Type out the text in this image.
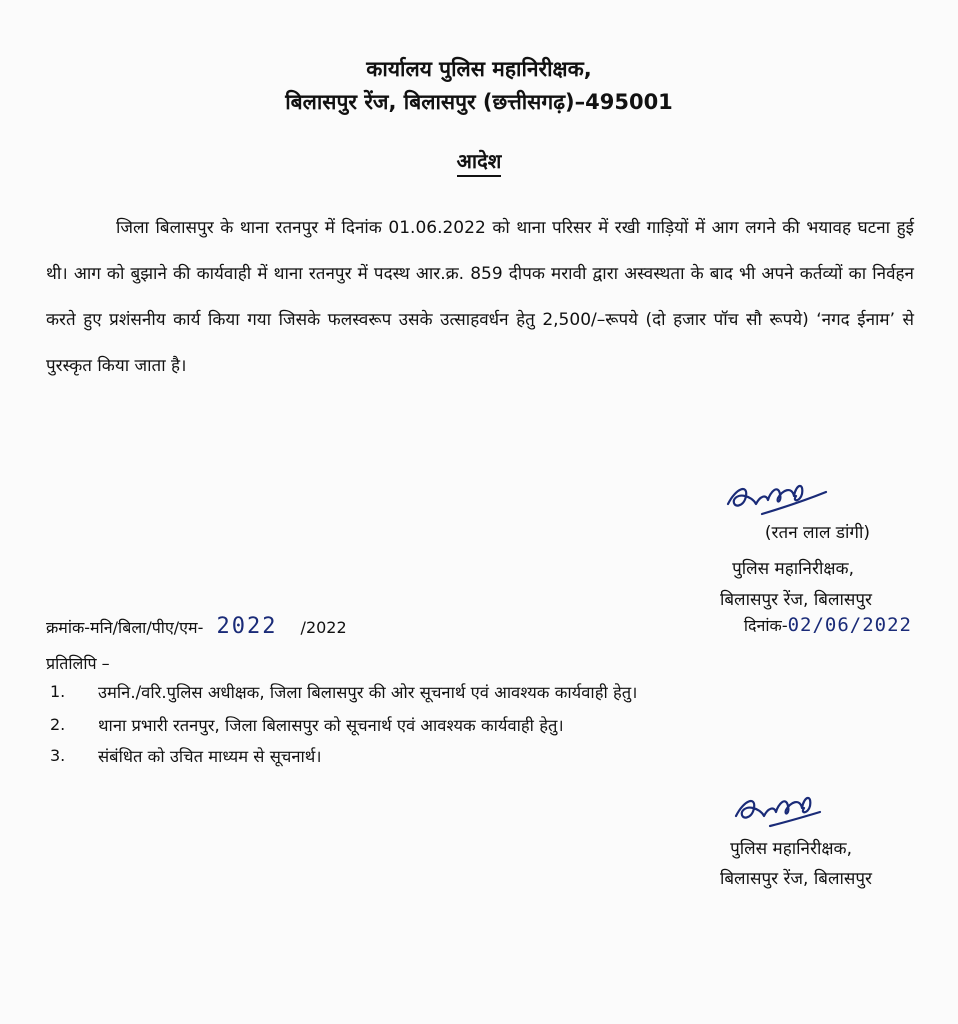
कार्यालय पुलिस महानिरीक्षक,
बिलासपुर रेंज, बिलासपुर (छत्तीसगढ़)–495001
आदेश

जिला बिलासपुर के थाना रतनपुर में दिनांक 01.06.2022 को थाना परिसर में रखी गाड़ियों में आग लगने की भयावह घटना हुई थी। आग को बुझाने की कार्यवाही में थाना रतनपुर में पदस्थ आर.क्र. 859 दीपक मरावी द्वारा अस्वस्थता के बाद भी अपने कर्तव्यों का निर्वहन करते हुए प्रशंसनीय कार्य किया गया जिसके फलस्वरूप उसके उत्साहवर्धन हेतु 2,500/–रूपये (दो हजार पॉच सौ रूपये) ‘नगद ईनाम’ से पुरस्कृत किया जाता है।

(रतन लाल डांगी)
पुलिस महानिरीक्षक,
बिलासपुर रेंज, बिलासपुर
क्रमांक-मनि/बिला/पीए/एम- 2022 /2022	दिनांक-02/06/2022
प्रतिलिपि –
1. उमनि./वरि.पुलिस अधीक्षक, जिला बिलासपुर की ओर सूचनार्थ एवं आवश्यक कार्यवाही हेतु।
2. थाना प्रभारी रतनपुर, जिला बिलासपुर को सूचनार्थ एवं आवश्यक कार्यवाही हेतु।
3. संबंधित को उचित माध्यम से सूचनार्थ।
पुलिस महानिरीक्षक,
बिलासपुर रेंज, बिलासपुर
